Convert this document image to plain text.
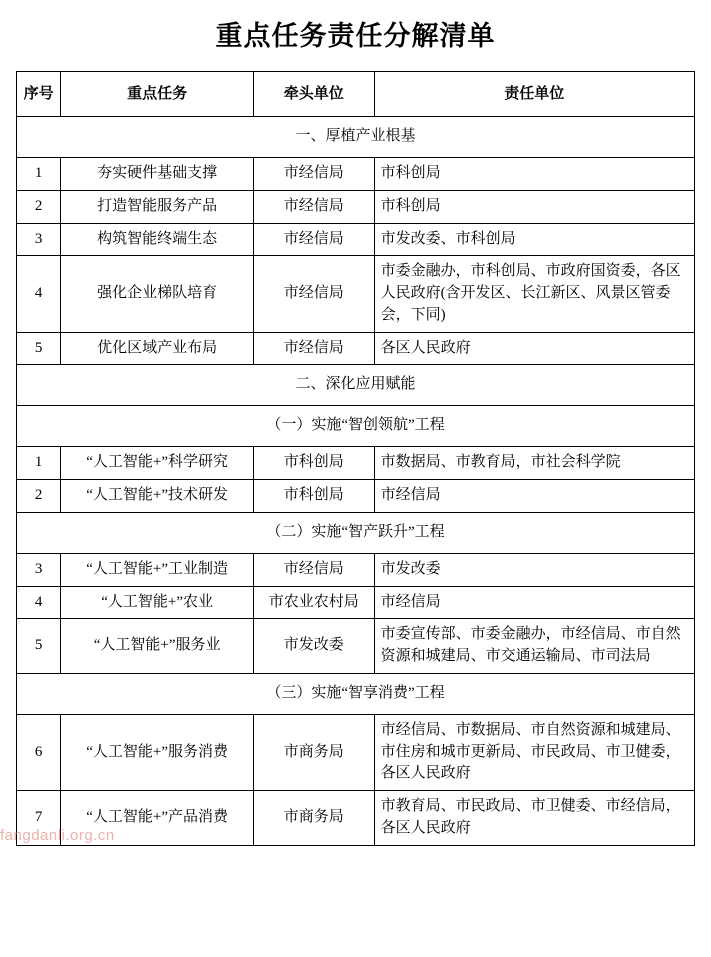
重点任务责任分解清单
序号	重点任务	牵头单位	责任单位
一、厚植产业根基			
1	夯实硬件基础支撑	市经信局	市科创局
2	打造智能服务产品	市经信局	市科创局
3	构筑智能终端生态	市经信局	市发改委、市科创局
4	强化企业梯队培育	市经信局	市委金融办，市科创局、市政府国资委，各区人民政府(含开发区、长江新区、风景区管委会，下同)
5	优化区域产业布局	市经信局	各区人民政府
二、深化应用赋能			
（一）实施“智创领航”工程			
1	“人工智能+”科学研究	市科创局	市数据局、市教育局，市社会科学院
2	“人工智能+”技术研发	市科创局	市经信局
（二）实施“智产跃升”工程			
3	“人工智能+”工业制造	市经信局	市发改委
4	“人工智能+”农业	市农业农村局	市经信局
5	“人工智能+”服务业	市发改委	市委宣传部、市委金融办，市经信局、市自然资源和城建局、市交通运输局、市司法局
（三）实施“智享消费”工程			
6	“人工智能+”服务消费	市商务局	市经信局、市数据局、市自然资源和城建局、市住房和城市更新局、市民政局、市卫健委，各区人民政府
7	“人工智能+”产品消费	市商务局	市教育局、市民政局、市卫健委、市经信局，各区人民政府
fangdanli.org.cn
